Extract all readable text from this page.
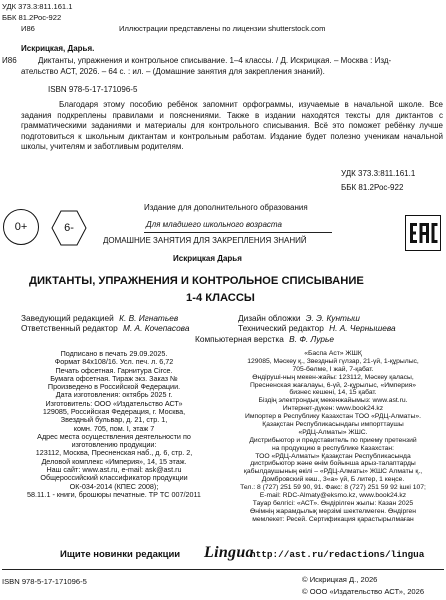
УДК 373.3:811.161.1
ББК 81.2Рос-922
И86	Иллюстрации представлены по лицензии shutterstock.com
Искрицкая, Дарья.
И86	Диктанты, упражнения и контрольное списывание. 1–4 классы. / Д. Искрицкая. – Москва : Изд-
ательство АСТ, 2026. – 64 с. : ил. – (Домашние занятия для закрепления знаний).
ISBN 978-5-17-171096-5
Благодаря этому пособию ребёнок запомнит орфограммы, изучаемые в начальной школе. Все задания подкреплены правилами и пояснениями. Также в издании находятся тексты для диктантов с грамматическими заданиями и материалы для контрольного списывания. Всё это поможет ребёнку лучше подготовиться к школьным диктантам и контрольным работам. Издание будет полезно ученикам начальной школы, учителям и заботливым родителям.
УДК 373.3:811.161.1
ББК 81.2Рос-922
0+	6-
Издание для дополнительного образования
Для младшего школьного возраста
ДОМАШНИЕ ЗАНЯТИЯ ДЛЯ ЗАКРЕПЛЕНИЯ ЗНАНИЙ
Искрицкая Дарья
ДИКТАНТЫ, УПРАЖНЕНИЯ И КОНТРОЛЬНОЕ СПИСЫВАНИЕ
1-4 КЛАССЫ
Заведующий редакцией К. В. Игнатьев
Ответственный редактор М. А. Кочепасова
Дизайн обложки Э. Э. Кунтыш
Технический редактор Н. А. Чернышева
Компьютерная верстка В. Ф. Лурье
Подписано в печать 29.09.2025.
Формат 84х108/16. Усл. печ. л. 6,72
Печать офсетная. Гарнитура Circe.
Бумага офсетная. Тираж экз. Заказ №
Произведено в Российской Федерации.
Дата изготовления: октябрь 2025 г.
Изготовитель: ООО «Издательство АСТ»
129085, Российская Федерация, г. Москва,
Звездный бульвар, д. 21, стр. 1,
комн. 705, пом. I, этаж 7
Адрес места осуществления деятельности по
изготовлению продукции:
123112, Москва, Пресненская наб., д. 6, стр. 2,
Деловой комплекс «Империя», 14, 15 этаж.
Наш сайт: www.ast.ru, e-mail: ask@ast.ru
Общероссийский классификатор продукции
ОК-034-2014 (КПЕС 2008);
58.11.1 - книги, брошюры печатные. ТР ТС 007/2011
«Баспа Аст» ЖШҚ
129085, Мәскеу қ., Звездный гүлзар, 21-үй, 1-құрылыс,
705-бөлме, I жай, 7-қабат.
Өндіруші-ның мекен-жайы: 123112, Мәскеу қаласы,
Пресненская жағалауы, 6-үй, 2-құрылыс, «Империя»
бизнес кешені, 14, 15 қабат.
Біздің электрондық мекенжайымыз: www.ast.ru.
Интернет-дүкен: www.book24.kz
Импортер в Республику Казахстан ТОО «РДЦ-Алматы».
Қазақстан Республикасындағы импорттаушы
«РДЦ-Алматы» ЖШС.
Дистрибьютор и представитель по приему претензий
на продукцию в республике Казахстан:
ТОО «РДЦ-Алматы» Қазақстан Республикасында
дистрибьютор және өнім бойынша арыз-талаптарды
қабылдаушының өкілі – «РДЦ-Алматы» ЖШС Алматы қ.,
Домбровский көш., 3«а» үй, Б литер, 1 кеңсе.
Тел.: 8 (727) 251 59 90, 91. Факс: 8 (727) 251 59 92 ішкі 107;
E-mail: RDC-Almaty@eksmo.kz, www.book24.kz
Тауар белгісі: «АСТ». Өндірілген жылы: Казан 2025
Өнімнің жарамдылық мерзімі шектелмеген. Өндірген
мемлекет: Ресей. Сертификация қарастырылмаған
Ищите новинки редакции Lingua
http://ast.ru/redactions/lingua
ISBN 978-5-17-171096-5	© Искрицкая Д., 2026
© ООО «Издательство АСТ», 2026
